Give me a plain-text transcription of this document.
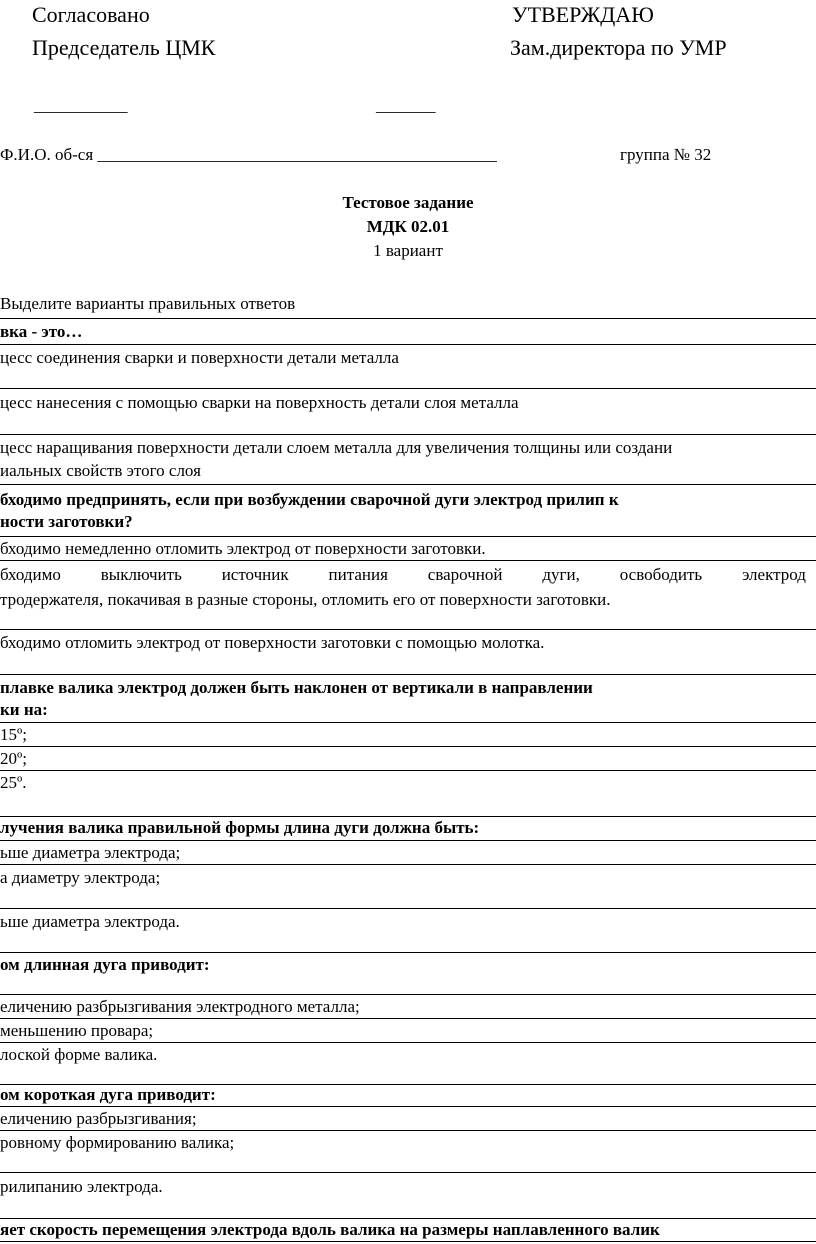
Согласовано
Председатель ЦМК
УТВЕРЖДАЮ
Зам.директора по УМР
___________	_______
Ф.И.О. об-ся _______________________________________________	группа № 32
Тестовое задание
МДК 02.01
1 вариант
Выделите варианты правильных ответов
вка - это…
цесс соединения сварки и поверхности детали металла
цесс нанесения с помощью сварки на поверхность детали слоя металла
цесс наращивания поверхности детали слоем металла для увеличения толщины или создани
иальных свойств этого слоя
бходимо предпринять, если при возбуждении сварочной дуги электрод прилип к
ности заготовки?
бходимо немедленно отломить электрод от поверхности заготовки.
бходимо выключить источник питания сварочной дуги, освободить электрод
тродержателя, покачивая в разные стороны, отломить его от поверхности заготовки.
бходимо отломить электрод от поверхности заготовки с помощью молотка.
плавке валика электрод должен быть наклонен от вертикали в направлении
ки на:
15º;
20º;
25º.
лучения валика правильной формы длина дуги должна быть:
ьше диаметра электрода;
а диаметру электрода;
ьше диаметра электрода.
ом длинная дуга приводит:
еличению разбрызгивания электродного металла;
меньшению провара;
лоской форме валика.
ом короткая дуга приводит:
еличению разбрызгивания;
ровному формированию валика;
рилипанию электрода.
яет скорость перемещения электрода вдоль валика на размеры наплавленного валик
